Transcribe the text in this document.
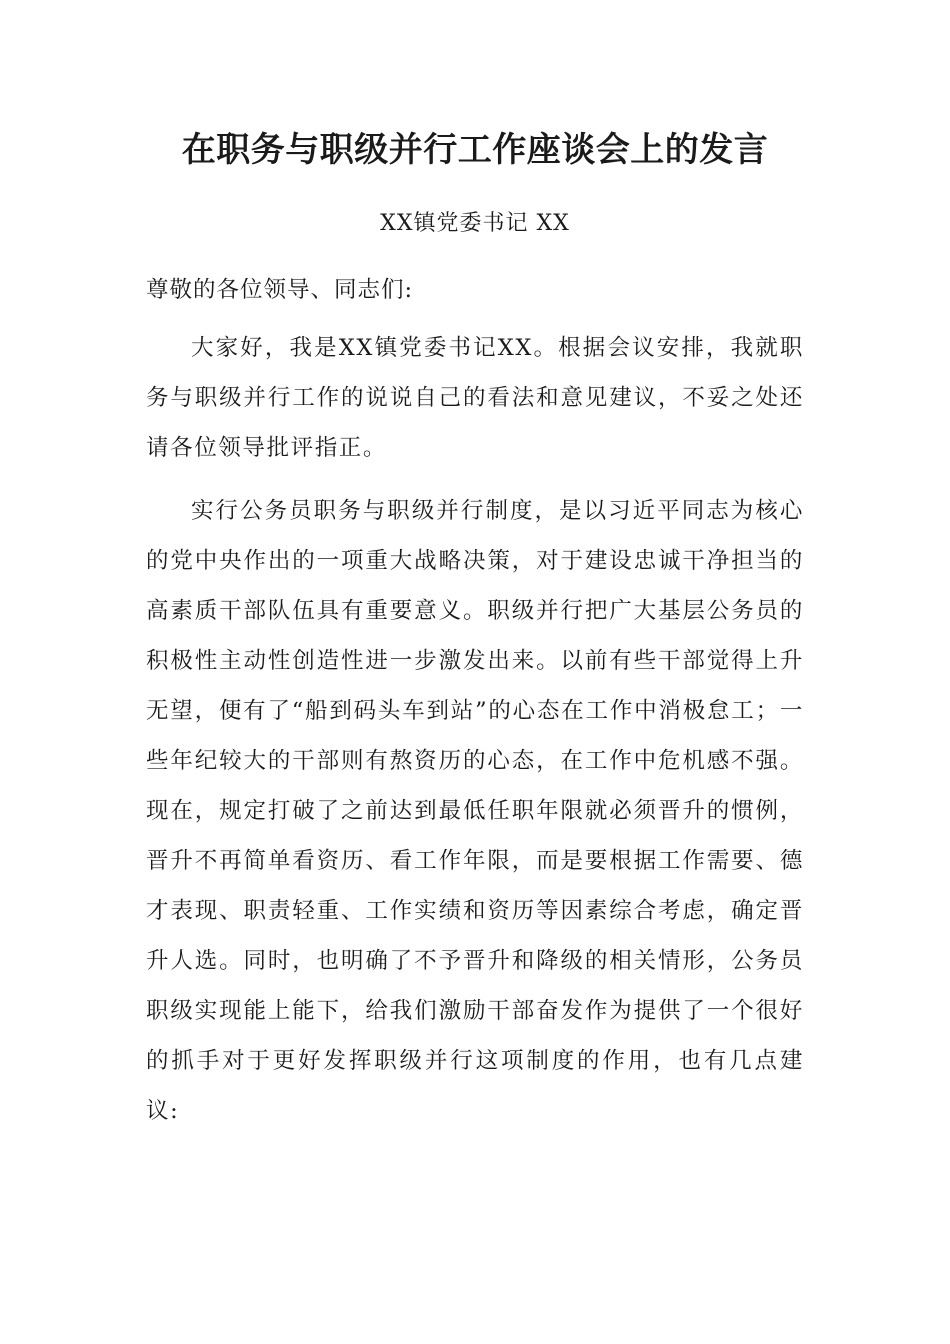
在职务与职级并行工作座谈会上的发言
XX镇党委书记 XX
尊敬的各位领导、同志们:

大家好，我是XX镇党委书记XX。根据会议安排，我就职务与职级并行工作的说说自己的看法和意见建议，不妥之处还请各位领导批评指正。

实行公务员职务与职级并行制度，是以习近平同志为核心的党中央作出的一项重大战略决策，对于建设忠诚干净担当的高素质干部队伍具有重要意义。职级并行把广大基层公务员的积极性主动性创造性进一步激发出来。以前有些干部觉得上升无望，便有了“船到码头车到站”的心态在工作中消极怠工；一些年纪较大的干部则有熬资历的心态，在工作中危机感不强。现在，规定打破了之前达到最低任职年限就必须晋升的惯例，晋升不再简单看资历、看工作年限，而是要根据工作需要、德才表现、职责轻重、工作实绩和资历等因素综合考虑，确定晋升人选。同时，也明确了不予晋升和降级的相关情形，公务员职级实现能上能下，给我们激励干部奋发作为提供了一个很好的抓手对于更好发挥职级并行这项制度的作用，也有几点建议:
